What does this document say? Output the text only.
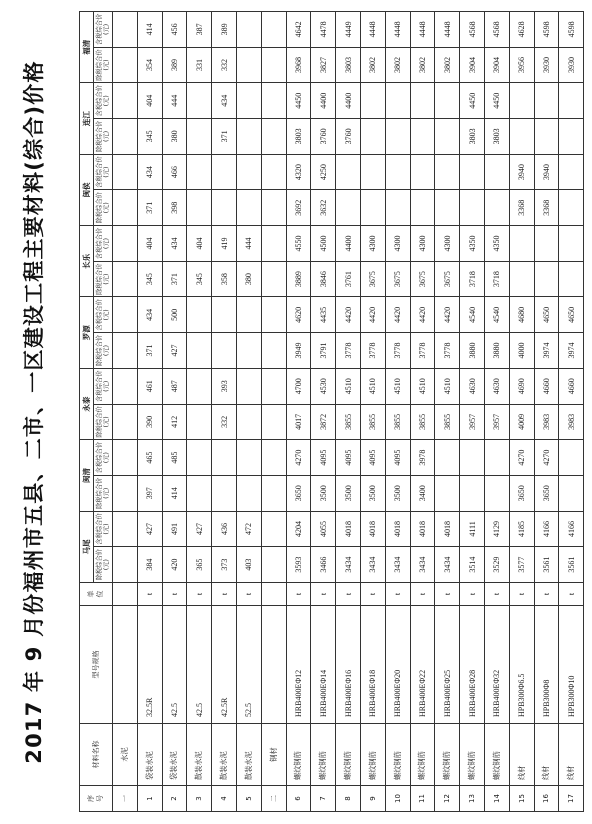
2017 年 9 月份福州市五县、二市、一区建设工程主要材料(综合)价格
序号	材料名称	型号规格	单位	马尾		闽清		永泰		罗源		长乐		闽侯		连江		福清	
				除税综合价(元)	含税综合价(元)	除税综合价(元)	含税综合价(元)	除税综合价(元)	含税综合价(元)	除税综合价(元)	含税综合价(元)	除税综合价(元)	含税综合价(元)	除税综合价(元)	含税综合价(元)	除税综合价(元)	含税综合价(元)	除税综合价(元)	含税综合价(元)
一	水泥																		
1	袋装水泥	32.5R	t	384	427	397	465	390	461	371	434	345	404	371	434	345	404	354	414
2	袋装水泥	42.5	t	420	491	414	485	412	487	427	500	371	434	398	466	380	444	389	456
3	散装水泥	42.5	t	365	427							345	404					331	387
4	散装水泥	42.5R	t	373	436			332	393			358	419			371	434	332	389
5	散装水泥	52.5	t	403	472							380	444						
二	钢材																		
6	螺纹钢筋	HRB400EΦ12	t	3593	4204	3650	4270	4017	4700	3949	4620	3889	4550	3692	4320	3803	4450	3968	4642
7	螺纹钢筋	HRB400EΦ14	t	3466	4055	3500	4095	3872	4530	3791	4435	3846	4500	3632	4250	3760	4400	3827	4478
8	螺纹钢筋	HRB400EΦ16	t	3434	4018	3500	4095	3855	4510	3778	4420	3761	4400			3760	4400	3803	4449
9	螺纹钢筋	HRB400EΦ18	t	3434	4018	3500	4095	3855	4510	3778	4420	3675	4300					3802	4448
10	螺纹钢筋	HRB400EΦ20	t	3434	4018	3500	4095	3855	4510	3778	4420	3675	4300					3802	4448
11	螺纹钢筋	HRB400EΦ22	t	3434	4018	3400	3978	3855	4510	3778	4420	3675	4300					3802	4448
12	螺纹钢筋	HRB400EΦ25	t	3434	4018			3855	4510	3778	4420	3675	4300					3802	4448
13	螺纹钢筋	HRB400EΦ28	t	3514	4111			3957	4630	3880	4540	3718	4350			3803	4450	3904	4568
14	螺纹钢筋	HRB400EΦ32	t	3529	4129			3957	4630	3880	4540	3718	4350			3803	4450	3904	4568
15	线材	HPB300Φ6.5	t	3577	4185	3650	4270	4009	4690	4000	4680			3368	3940			3956	4628
16	线材	HPB300Φ8	t	3561	4166	3650	4270	3983	4660	3974	4650			3368	3940			3930	4598
17	线材	HPB300Φ10	t	3561	4166			3983	4660	3974	4650							3930	4598
